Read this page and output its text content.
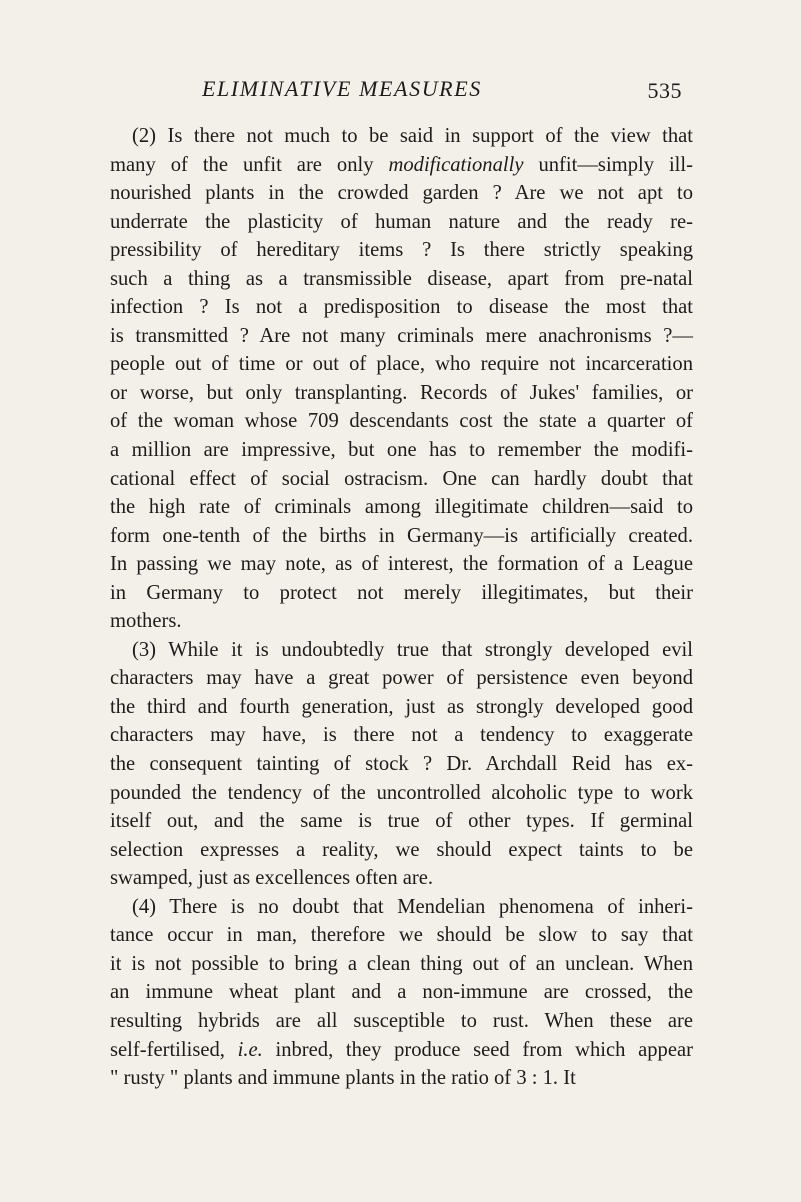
ELIMINATIVE MEASURES	535
(2) Is there not much to be said in support of the view that
many of the unfit are only modificationally unfit—simply ill-
nourished plants in the crowded garden ? Are we not apt to
underrate the plasticity of human nature and the ready re-
pressibility of hereditary items ? Is there strictly speaking
such a thing as a transmissible disease, apart from pre-natal
infection ? Is not a predisposition to disease the most that
is transmitted ? Are not many criminals mere anachronisms ?—
people out of time or out of place, who require not incarceration
or worse, but only transplanting. Records of Jukes' families, or
of the woman whose 709 descendants cost the state a quarter of
a million are impressive, but one has to remember the modifi-
cational effect of social ostracism. One can hardly doubt that
the high rate of criminals among illegitimate children—said to
form one-tenth of the births in Germany—is artificially created.
In passing we may note, as of interest, the formation of a League
in Germany to protect not merely illegitimates, but their
mothers.
(3) While it is undoubtedly true that strongly developed evil
characters may have a great power of persistence even beyond
the third and fourth generation, just as strongly developed good
characters may have, is there not a tendency to exaggerate
the consequent tainting of stock ? Dr. Archdall Reid has ex-
pounded the tendency of the uncontrolled alcoholic type to work
itself out, and the same is true of other types. If germinal
selection expresses a reality, we should expect taints to be
swamped, just as excellences often are.
(4) There is no doubt that Mendelian phenomena of inheri-
tance occur in man, therefore we should be slow to say that
it is not possible to bring a clean thing out of an unclean. When
an immune wheat plant and a non-immune are crossed, the
resulting hybrids are all susceptible to rust. When these are
self-fertilised, i.e. inbred, they produce seed from which appear
" rusty " plants and immune plants in the ratio of 3 : 1. It
